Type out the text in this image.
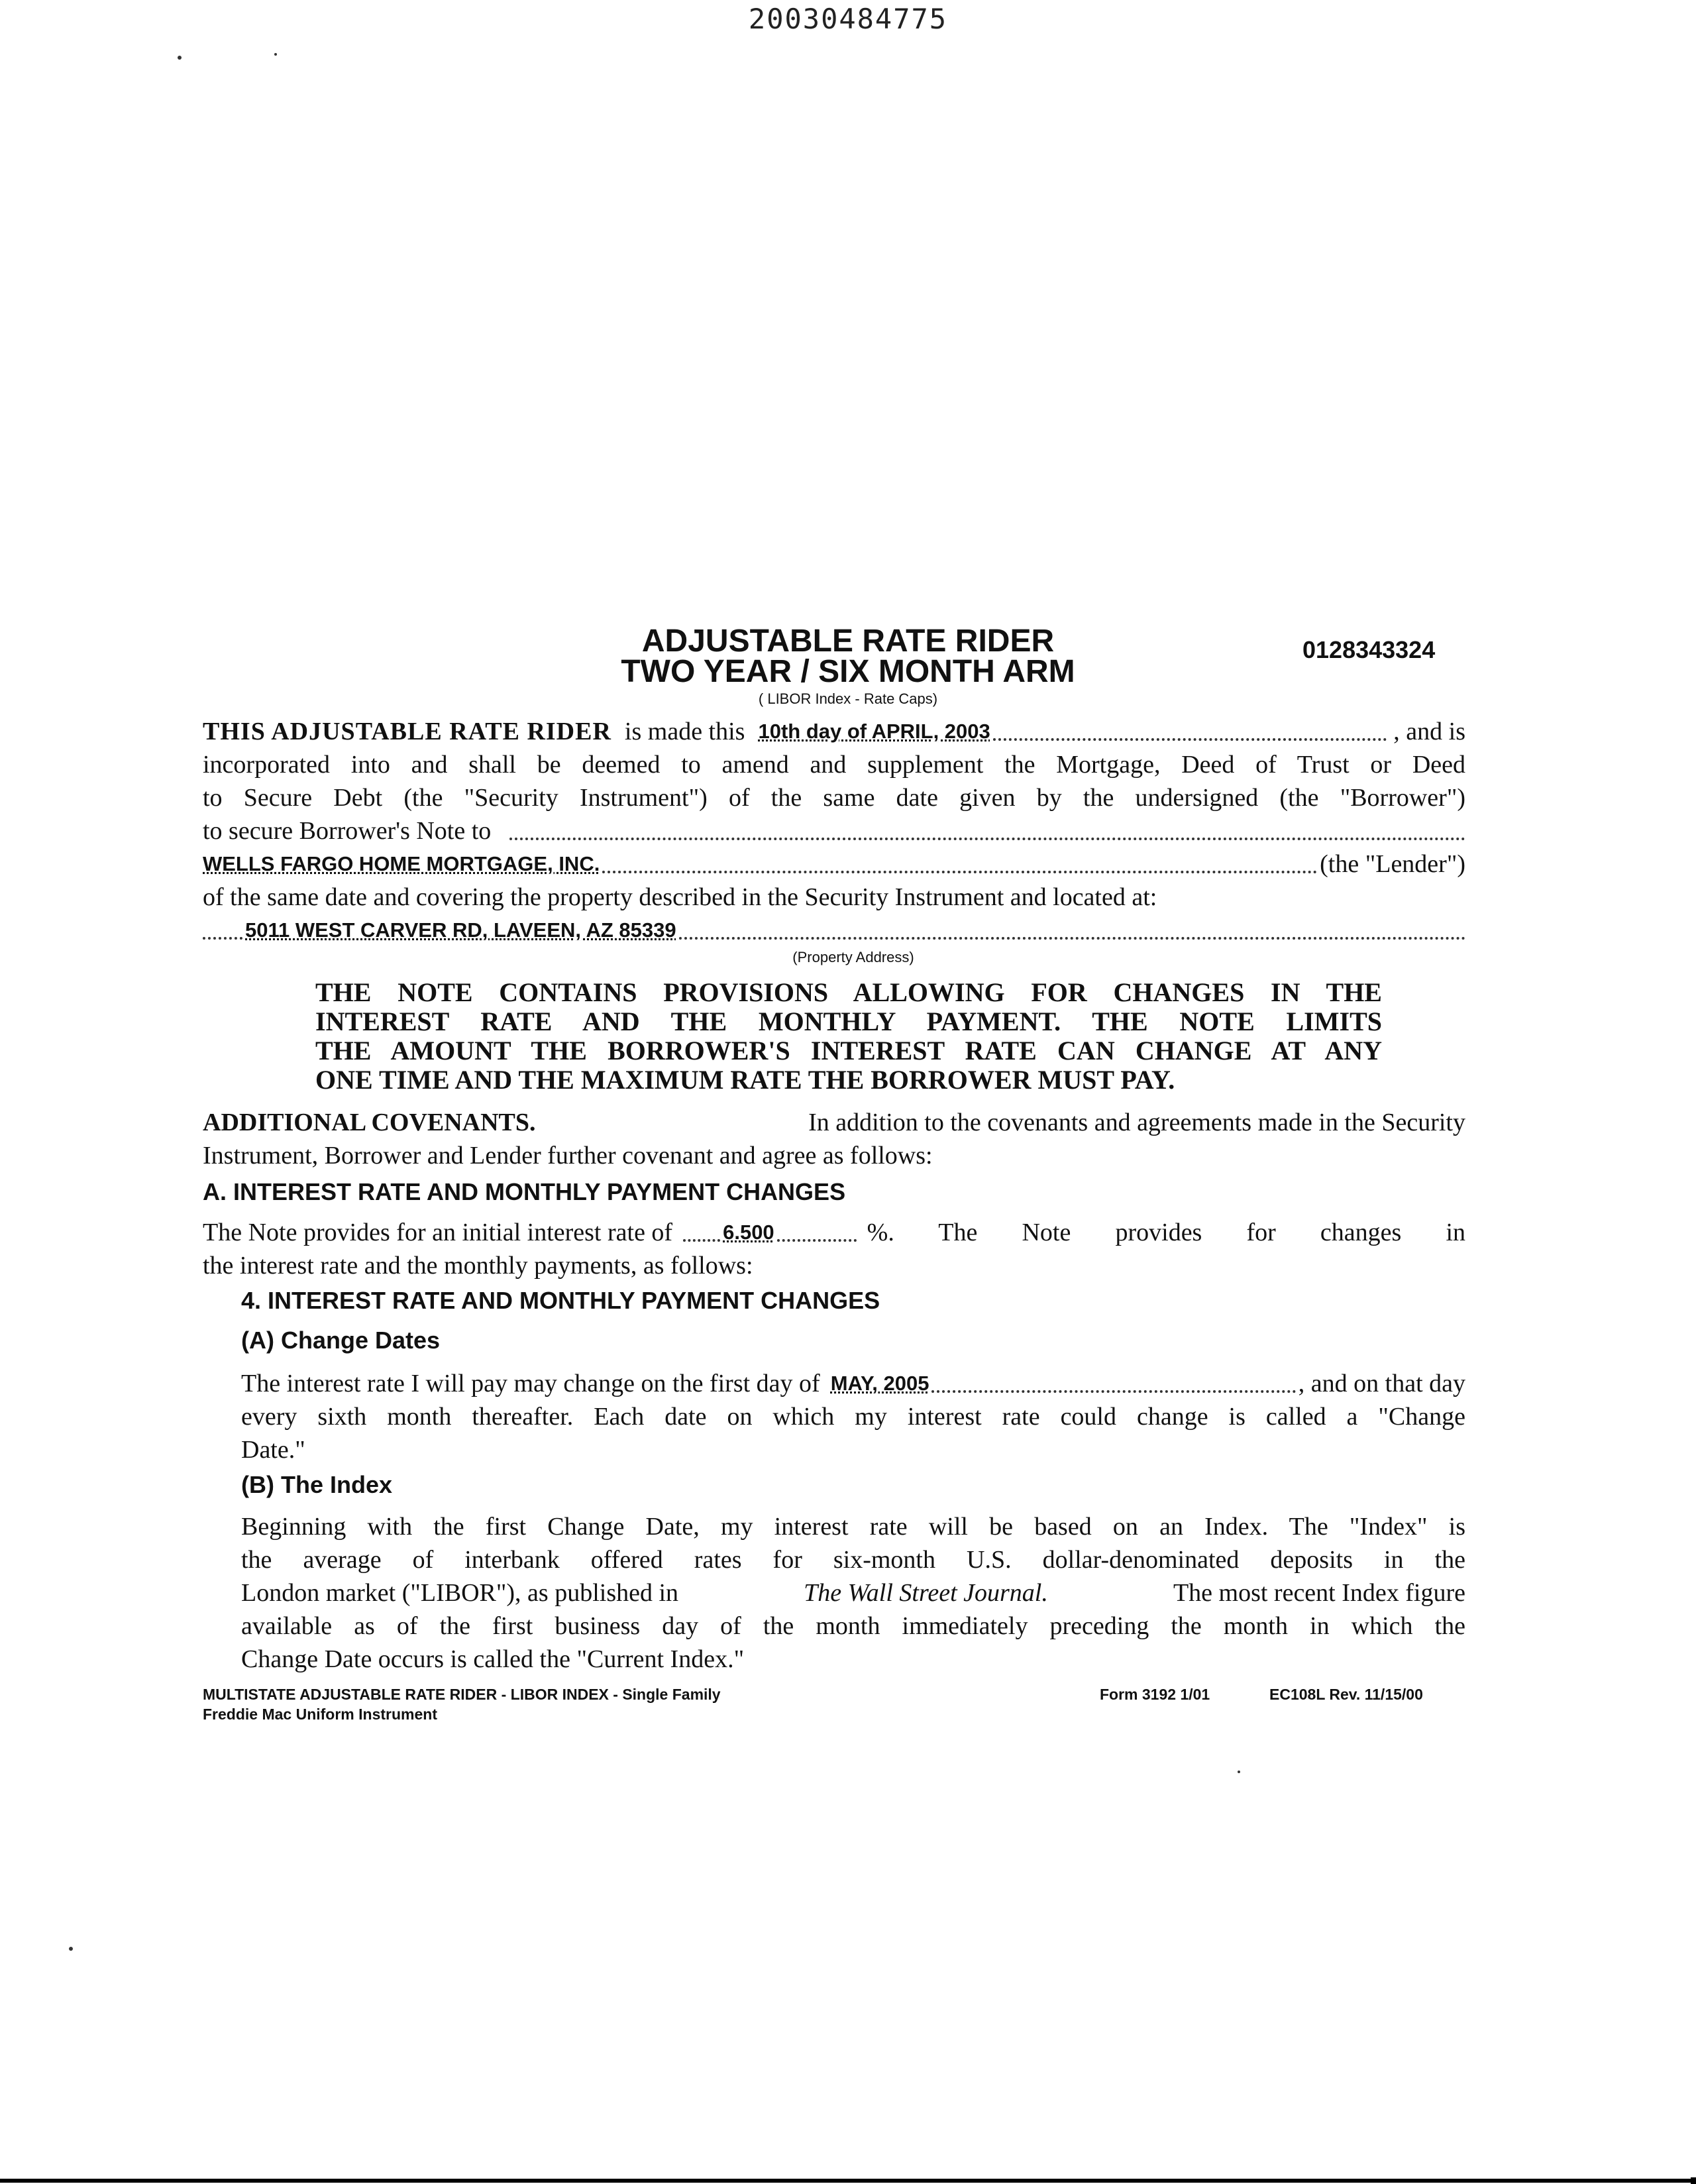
20030484775
ADJUSTABLE RATE RIDER
TWO YEAR / SIX MONTH ARM
0128343324
( LIBOR Index - Rate Caps)
THIS ADJUSTABLE RATE RIDER is made this 10th day of APRIL, 2003	, and is
incorporated into and shall be deemed to amend and supplement the Mortgage, Deed of Trust or Deed
to Secure Debt (the "Security Instrument") of the same date given by the undersigned (the "Borrower")
to secure Borrower's Note to
WELLS FARGO HOME MORTGAGE, INC.	(the "Lender")
of the same date and covering the property described in the Security Instrument and located at:
5011 WEST CARVER RD, LAVEEN, AZ 85339
(Property Address)
THE NOTE CONTAINS PROVISIONS ALLOWING FOR CHANGES IN THE
INTEREST RATE AND THE MONTHLY PAYMENT. THE NOTE LIMITS
THE AMOUNT THE BORROWER'S INTEREST RATE CAN CHANGE AT ANY
ONE TIME AND THE MAXIMUM RATE THE BORROWER MUST PAY.
ADDITIONAL COVENANTS.	In addition to the covenants and agreements made in the Security
Instrument, Borrower and Lender further covenant and agree as follows:
A. INTEREST RATE AND MONTHLY PAYMENT CHANGES
The Note provides for an initial interest rate of 6.500	%. The Note provides for changes in
the interest rate and the monthly payments, as follows:
4. INTEREST RATE AND MONTHLY PAYMENT CHANGES
(A) Change Dates
The interest rate I will pay may change on the first day of MAY, 2005	, and on that day
every sixth month thereafter. Each date on which my interest rate could change is called a "Change
Date."
(B) The Index
Beginning with the first Change Date, my interest rate will be based on an Index. The "Index" is
the average of interbank offered rates for six-month U.S. dollar-denominated deposits in the
London market ("LIBOR"), as published in	The Wall Street Journal.	The most recent Index figure
available as of the first business day of the month immediately preceding the month in which the
Change Date occurs is called the "Current Index."
MULTISTATE ADJUSTABLE RATE RIDER - LIBOR INDEX - Single Family
Freddie Mac Uniform Instrument
Form 3192 1/01	EC108L Rev. 11/15/00
